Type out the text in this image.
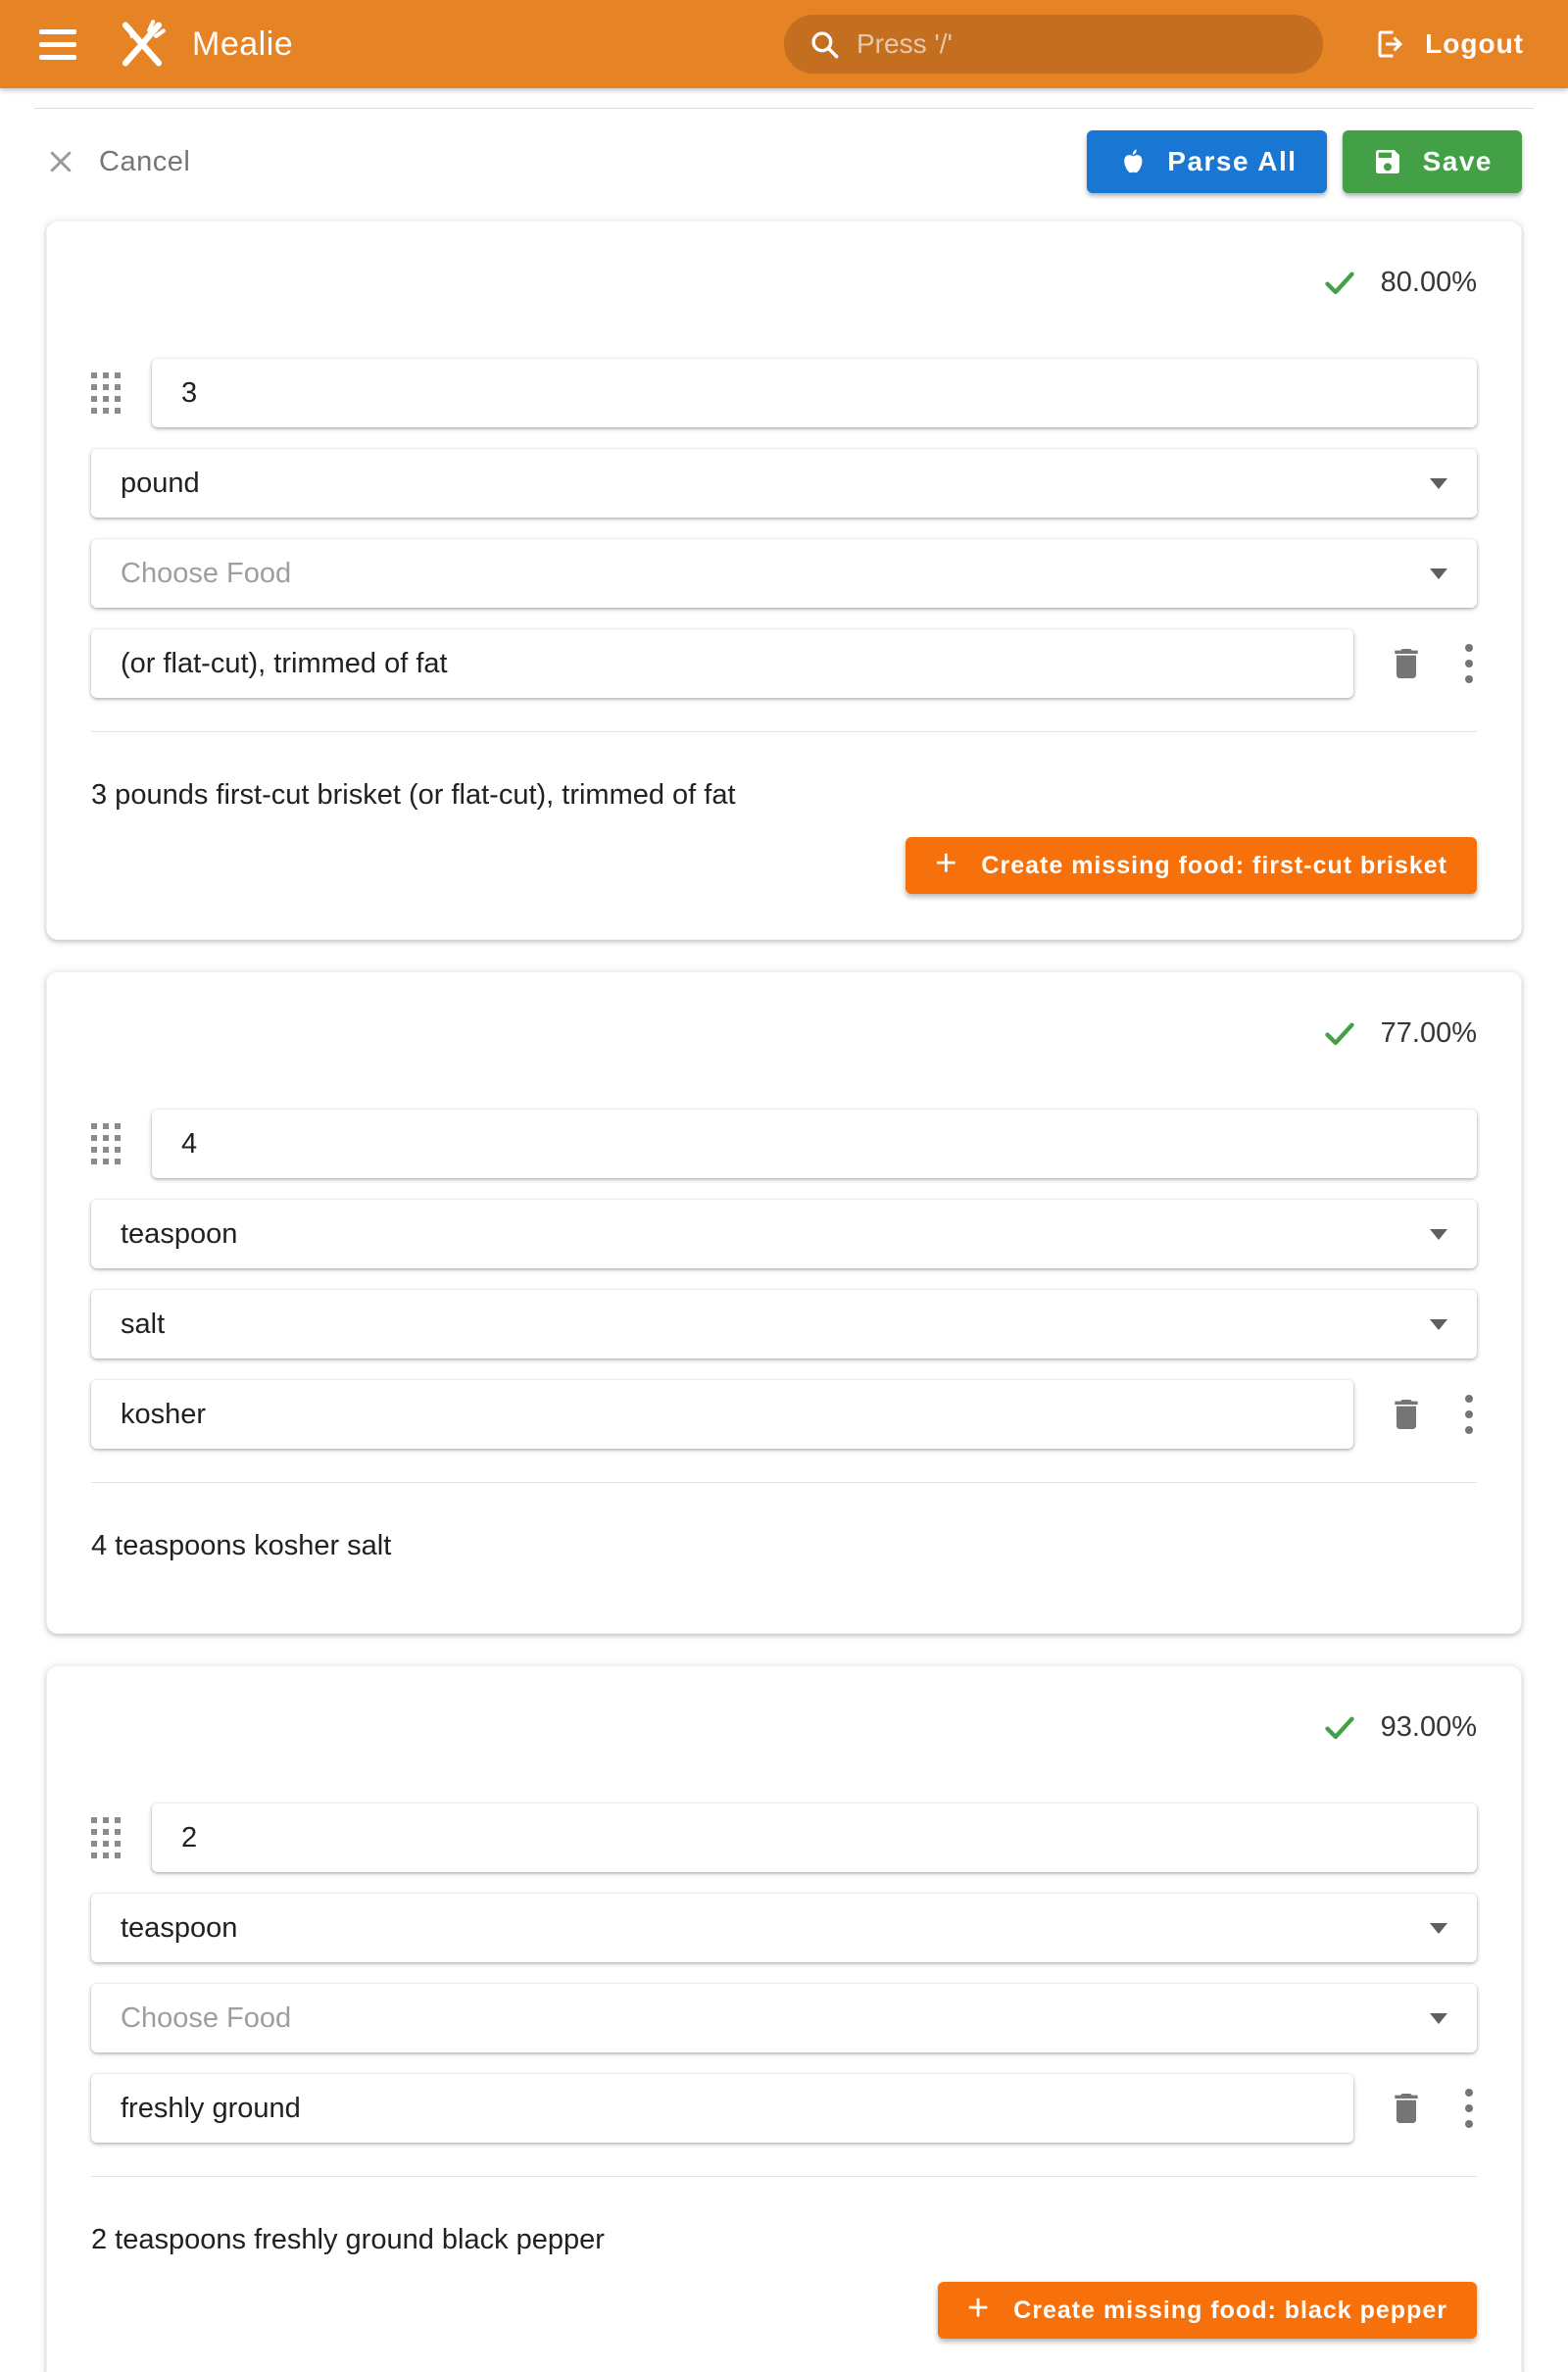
Mealie	Press '/'	Logout
Cancel	Parse All	Save
80.00%
3
pound
Choose Food
(or flat-cut), trimmed of fat
3 pounds first-cut brisket (or flat-cut), trimmed of fat
+ Create missing food: first-cut brisket
77.00%
4
teaspoon
salt
kosher
4 teaspoons kosher salt
93.00%
2
teaspoon
Choose Food
freshly ground
2 teaspoons freshly ground black pepper
+ Create missing food: black pepper
